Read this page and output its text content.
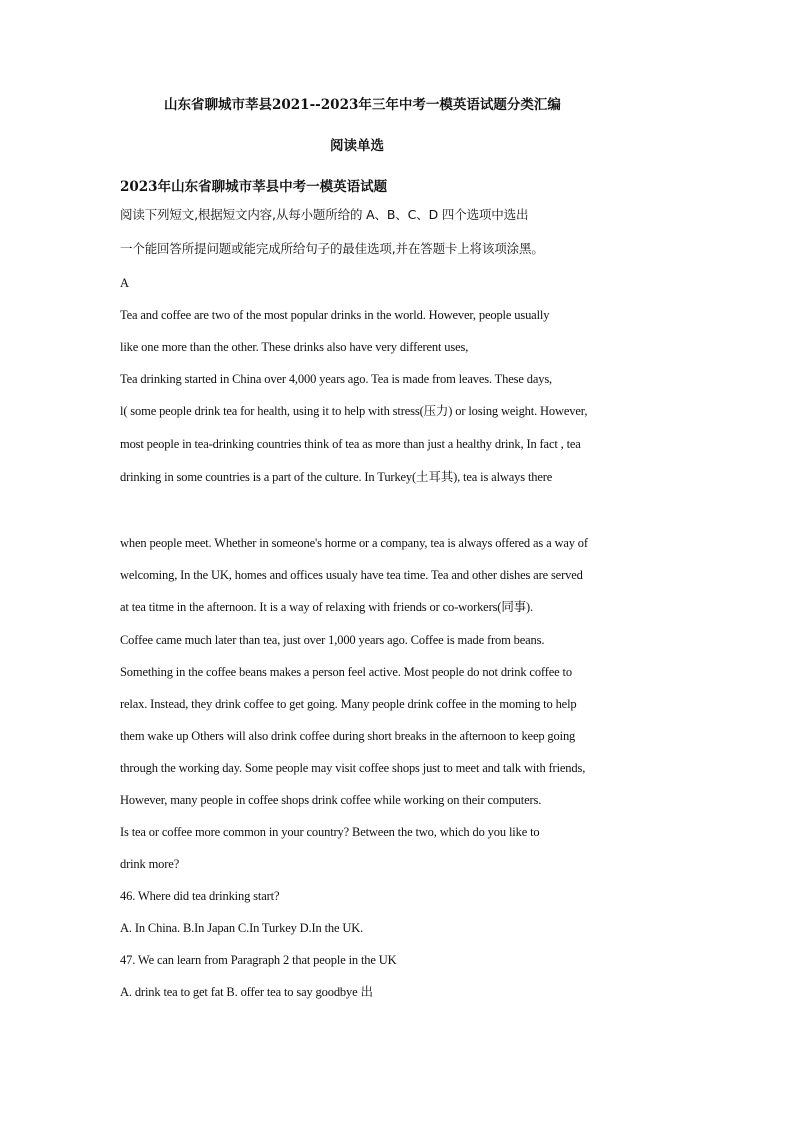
山东省聊城市莘县2021--2023年三年中考一模英语试题分类汇编
阅读单选
2023年山东省聊城市莘县中考一模英语试题
阅读下列短文,根据短文内容,从每小题所给的 A、B、C、D 四个选项中选出
一个能回答所提问题或能完成所给句子的最佳选项,并在答题卡上将该项涂黑。
A
Tea and coffee are two of the most popular drinks in the world. However, people usually
like one more than the other. These drinks also have very different uses,
Tea drinking started in China over 4,000 years ago. Tea is made from leaves. These days,
l( some people drink tea for health, using it to help with stress(压力) or losing weight. However,
most people in tea-drinking countries think of tea as more than just a healthy drink, In fact , tea
drinking in some countries is a part of the culture. In Turkey(土耳其), tea is always there
when people meet. Whether in someone's horme or a company, tea is always offered as a way of
welcoming, In the UK, homes and offices usualy have tea time. Tea and other dishes are served
at tea titme in the afternoon. It is a way of relaxing with friends or co-workers(同事).
Coffee came much later than tea, just over 1,000 years ago. Coffee is made from beans.
Something in the coffee beans makes a person feel active. Most people do not drink coffee to
relax. Instead, they drink coffee to get going. Many people drink coffee in the moming to help
them wake up Others will also drink coffee during short breaks in the afternoon to keep going
through the working day. Some people may visit coffee shops just to meet and talk with friends,
However, many people in coffee shops drink coffee while working on their computers.
Is tea or coffee more common in your country? Between the two, which do you like to
drink more?
46. Where did tea drinking start?
A. In China. B.In Japan C.In Turkey D.In the UK.
47. We can learn from Paragraph 2 that people in the UK
A. drink tea to get fat B. offer tea to say goodbye 出
